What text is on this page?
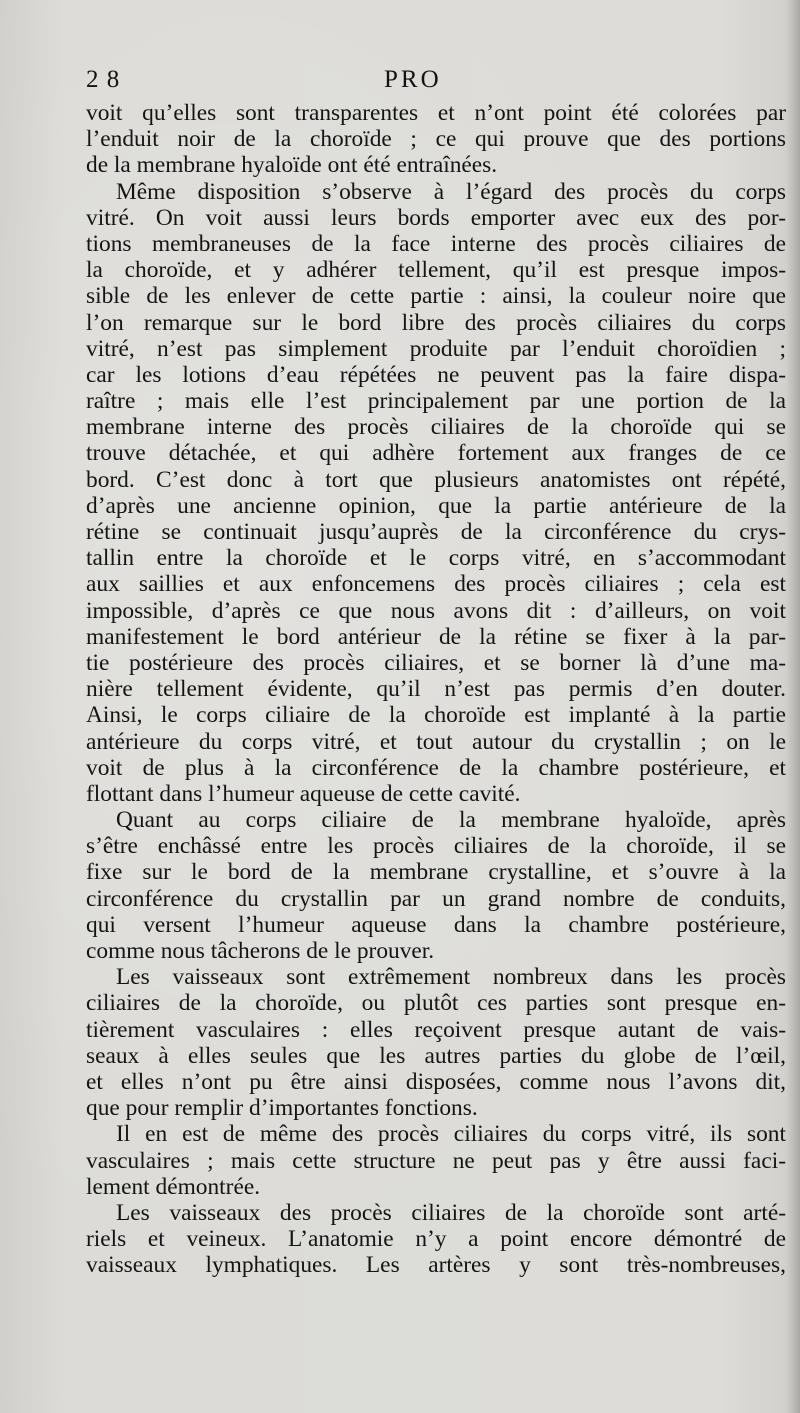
2 8	PRO
voit qu’elles sont transparentes et n’ont point été colorées par
l’enduit noir de la choroïde ; ce qui prouve que des portions
de la membrane hyaloïde ont été entraînées.
Même disposition s’observe à l’égard des procès du corps
vitré. On voit aussi leurs bords emporter avec eux des por-
tions membraneuses de la face interne des procès ciliaires de
la choroïde, et y adhérer tellement, qu’il est presque impos-
sible de les enlever de cette partie : ainsi, la couleur noire que
l’on remarque sur le bord libre des procès ciliaires du corps
vitré, n’est pas simplement produite par l’enduit choroïdien ;
car les lotions d’eau répétées ne peuvent pas la faire dispa-
raître ; mais elle l’est principalement par une portion de la
membrane interne des procès ciliaires de la choroïde qui se
trouve détachée, et qui adhère fortement aux franges de ce
bord. C’est donc à tort que plusieurs anatomistes ont répété,
d’après une ancienne opinion, que la partie antérieure de la
rétine se continuait jusqu’auprès de la circonférence du crys-
tallin entre la choroïde et le corps vitré, en s’accommodant
aux saillies et aux enfoncemens des procès ciliaires ; cela est
impossible, d’après ce que nous avons dit : d’ailleurs, on voit
manifestement le bord antérieur de la rétine se fixer à la par-
tie postérieure des procès ciliaires, et se borner là d’une ma-
nière tellement évidente, qu’il n’est pas permis d’en douter.
Ainsi, le corps ciliaire de la choroïde est implanté à la partie
antérieure du corps vitré, et tout autour du crystallin ; on le
voit de plus à la circonférence de la chambre postérieure, et
flottant dans l’humeur aqueuse de cette cavité.
Quant au corps ciliaire de la membrane hyaloïde, après
s’être enchâssé entre les procès ciliaires de la choroïde, il se
fixe sur le bord de la membrane crystalline, et s’ouvre à la
circonférence du crystallin par un grand nombre de conduits,
qui versent l’humeur aqueuse dans la chambre postérieure,
comme nous tâcherons de le prouver.
Les vaisseaux sont extrêmement nombreux dans les procès
ciliaires de la choroïde, ou plutôt ces parties sont presque en-
tièrement vasculaires : elles reçoivent presque autant de vais-
seaux à elles seules que les autres parties du globe de l’œil,
et elles n’ont pu être ainsi disposées, comme nous l’avons dit,
que pour remplir d’importantes fonctions.
Il en est de même des procès ciliaires du corps vitré, ils sont
vasculaires ; mais cette structure ne peut pas y être aussi faci-
lement démontrée.
Les vaisseaux des procès ciliaires de la choroïde sont arté-
riels et veineux. L’anatomie n’y a point encore démontré de
vaisseaux lymphatiques. Les artères y sont très-nombreuses,
